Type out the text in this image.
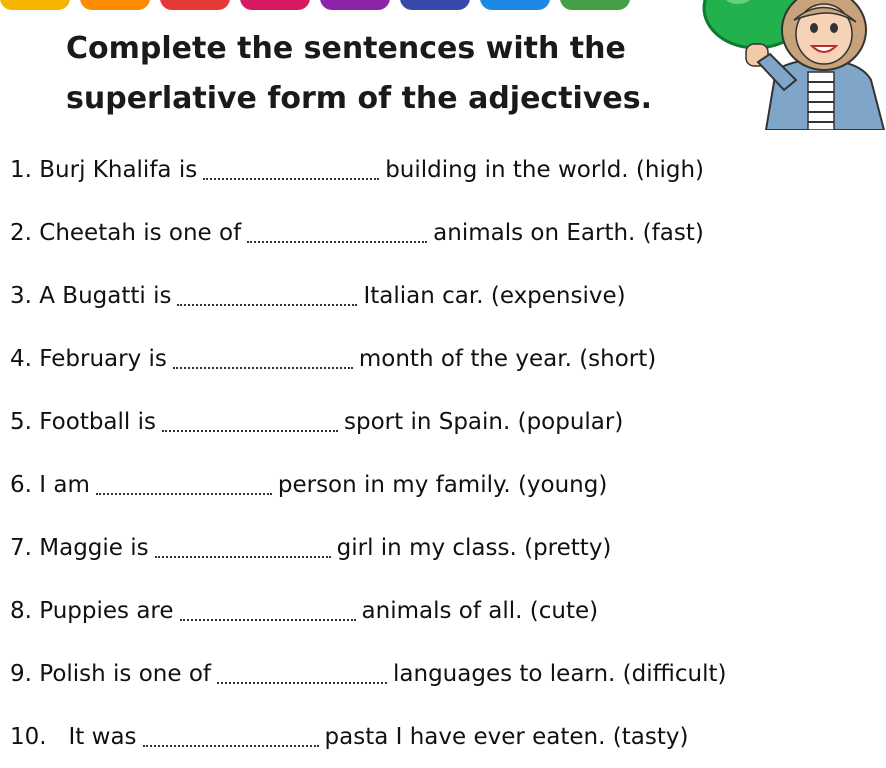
Complete the sentences with the
superlative form of the adjectives.
1.
Burj Khalifa is	building in the world. (high)
2.
Cheetah is one of	animals on Earth. (fast)
3.
A Bugatti is	Italian car. (expensive)
4.
February is	month of the year. (short)
5.
Football is	sport in Spain. (popular)
6.
I am	person in my family. (young)
7.
Maggie is	girl in my class. (pretty)
8.
Puppies are	animals of all. (cute)
9.
Polish is one of	languages to learn. (difficult)
10.
It was	pasta I have ever eaten. (tasty)
